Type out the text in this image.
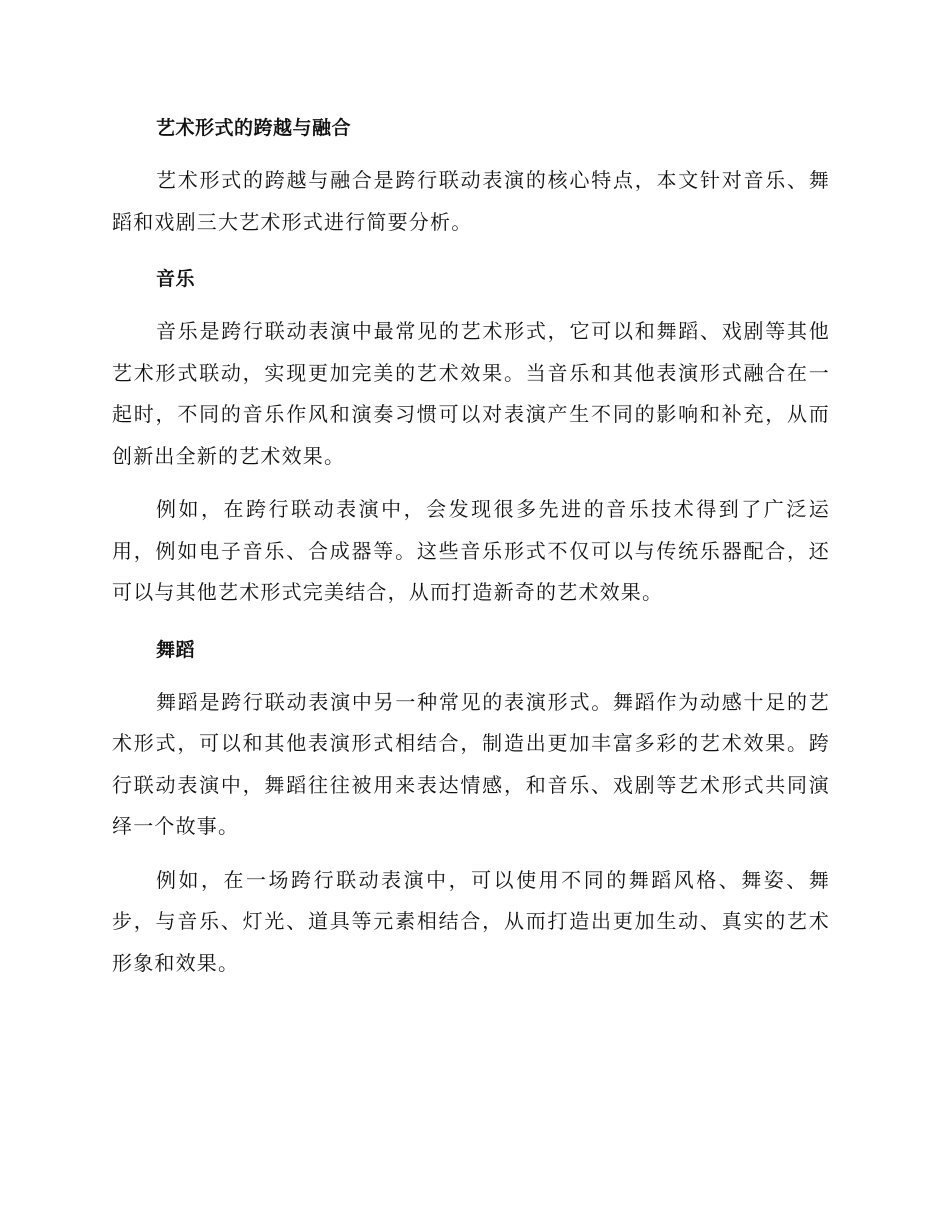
艺术形式的跨越与融合

艺术形式的跨越与融合是跨行联动表演的核心特点，本文针对音乐、舞蹈和戏剧三大艺术形式进行简要分析。

音乐

音乐是跨行联动表演中最常见的艺术形式，它可以和舞蹈、戏剧等其他艺术形式联动，实现更加完美的艺术效果。当音乐和其他表演形式融合在一起时，不同的音乐作风和演奏习惯可以对表演产生不同的影响和补充，从而创新出全新的艺术效果。

例如，在跨行联动表演中，会发现很多先进的音乐技术得到了广泛运用，例如电子音乐、合成器等。这些音乐形式不仅可以与传统乐器配合，还可以与其他艺术形式完美结合，从而打造新奇的艺术效果。

舞蹈

舞蹈是跨行联动表演中另一种常见的表演形式。舞蹈作为动感十足的艺术形式，可以和其他表演形式相结合，制造出更加丰富多彩的艺术效果。跨行联动表演中，舞蹈往往被用来表达情感，和音乐、戏剧等艺术形式共同演绎一个故事。

例如，在一场跨行联动表演中，可以使用不同的舞蹈风格、舞姿、舞步，与音乐、灯光、道具等元素相结合，从而打造出更加生动、真实的艺术形象和效果。
